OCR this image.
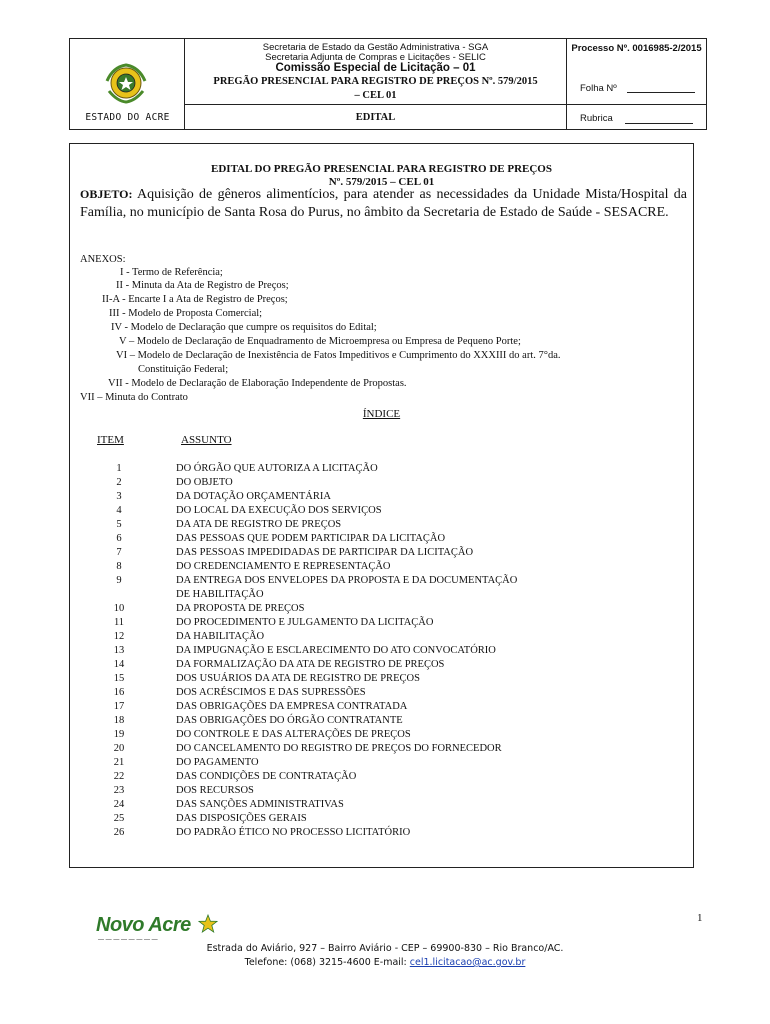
ESTADO DO ACRE
Secretaria de Estado da Gestão Administrativa - SGA
Secretaria Adjunta de Compras e Licitações - SELIC
Comissão Especial de Licitação – 01
PREGÃO PRESENCIAL PARA REGISTRO DE PREÇOS Nº. 579/2015
– CEL 01
EDITAL
Processo Nº. 0016985-2/2015
Folha Nº
Rubrica
EDITAL DO PREGÃO PRESENCIAL PARA REGISTRO DE PREÇOS
Nº. 579/2015 – CEL 01
OBJETO: Aquisição de gêneros alimentícios, para atender as necessidades da Unidade Mista/Hospital da Família, no município de Santa Rosa do Purus, no âmbito da Secretaria de Estado de Saúde - SESACRE.
ANEXOS:
I - Termo de Referência;
II - Minuta da Ata de Registro de Preços;
II-A - Encarte I a Ata de Registro de Preços;
III - Modelo de Proposta Comercial;
IV - Modelo de Declaração que cumpre os requisitos do Edital;
V – Modelo de Declaração de Enquadramento de Microempresa ou Empresa de Pequeno Porte;
VI – Modelo de Declaração de Inexistência de Fatos Impeditivos e Cumprimento do XXXIII do art. 7°da.
Constituição Federal;
VII - Modelo de Declaração de Elaboração Independente de Propostas.
VII – Minuta do Contrato
ÍNDICE
ITEM	ASSUNTO
1	DO ÓRGÃO QUE AUTORIZA A LICITAÇÃO
2	DO OBJETO
3	DA DOTAÇÃO ORÇAMENTÁRIA
4	DO LOCAL DA EXECUÇÃO DOS SERVIÇOS
5	DA ATA DE REGISTRO DE PREÇOS
6	DAS PESSOAS QUE PODEM PARTICIPAR DA LICITAÇÃO
7	DAS PESSOAS IMPEDIDADAS DE PARTICIPAR DA LICITAÇÃO
8	DO CREDENCIAMENTO E REPRESENTAÇÃO
9	DA ENTREGA DOS ENVELOPES DA PROPOSTA E DA DOCUMENTAÇÃO
DE HABILITAÇÃO
10	DA PROPOSTA DE PREÇOS
11	DO PROCEDIMENTO E JULGAMENTO DA LICITAÇÃO
12	DA HABILITAÇÃO
13	DA IMPUGNAÇÃO E ESCLARECIMENTO DO ATO CONVOCATÓRIO
14	DA FORMALIZAÇÃO DA ATA DE REGISTRO DE PREÇOS
15	DOS USUÁRIOS DA ATA DE REGISTRO DE PREÇOS
16	DOS ACRÉSCIMOS E DAS SUPRESSÕES
17	DAS OBRIGAÇÕES DA EMPRESA CONTRATADA
18	DAS OBRIGAÇÕES DO ÓRGÃO CONTRATANTE
19	DO CONTROLE E DAS ALTERAÇÕES DE PREÇOS
20	DO CANCELAMENTO DO REGISTRO DE PREÇOS DO FORNECEDOR
21	DO PAGAMENTO
22	DAS CONDIÇÕES DE CONTRATAÇÃO
23	DOS RECURSOS
24	DAS SANÇÕES ADMINISTRATIVAS
25	DAS DISPOSIÇÕES GERAIS
26	DO PADRÃO ÉTICO NO PROCESSO LICITATÓRIO
1
Novo Acre
— — — — — — — —
Estrada do Aviário, 927 – Bairro Aviário - CEP – 69900-830 – Rio Branco/AC.
Telefone: (068) 3215-4600 E-mail: cel1.licitacao@ac.gov.br
